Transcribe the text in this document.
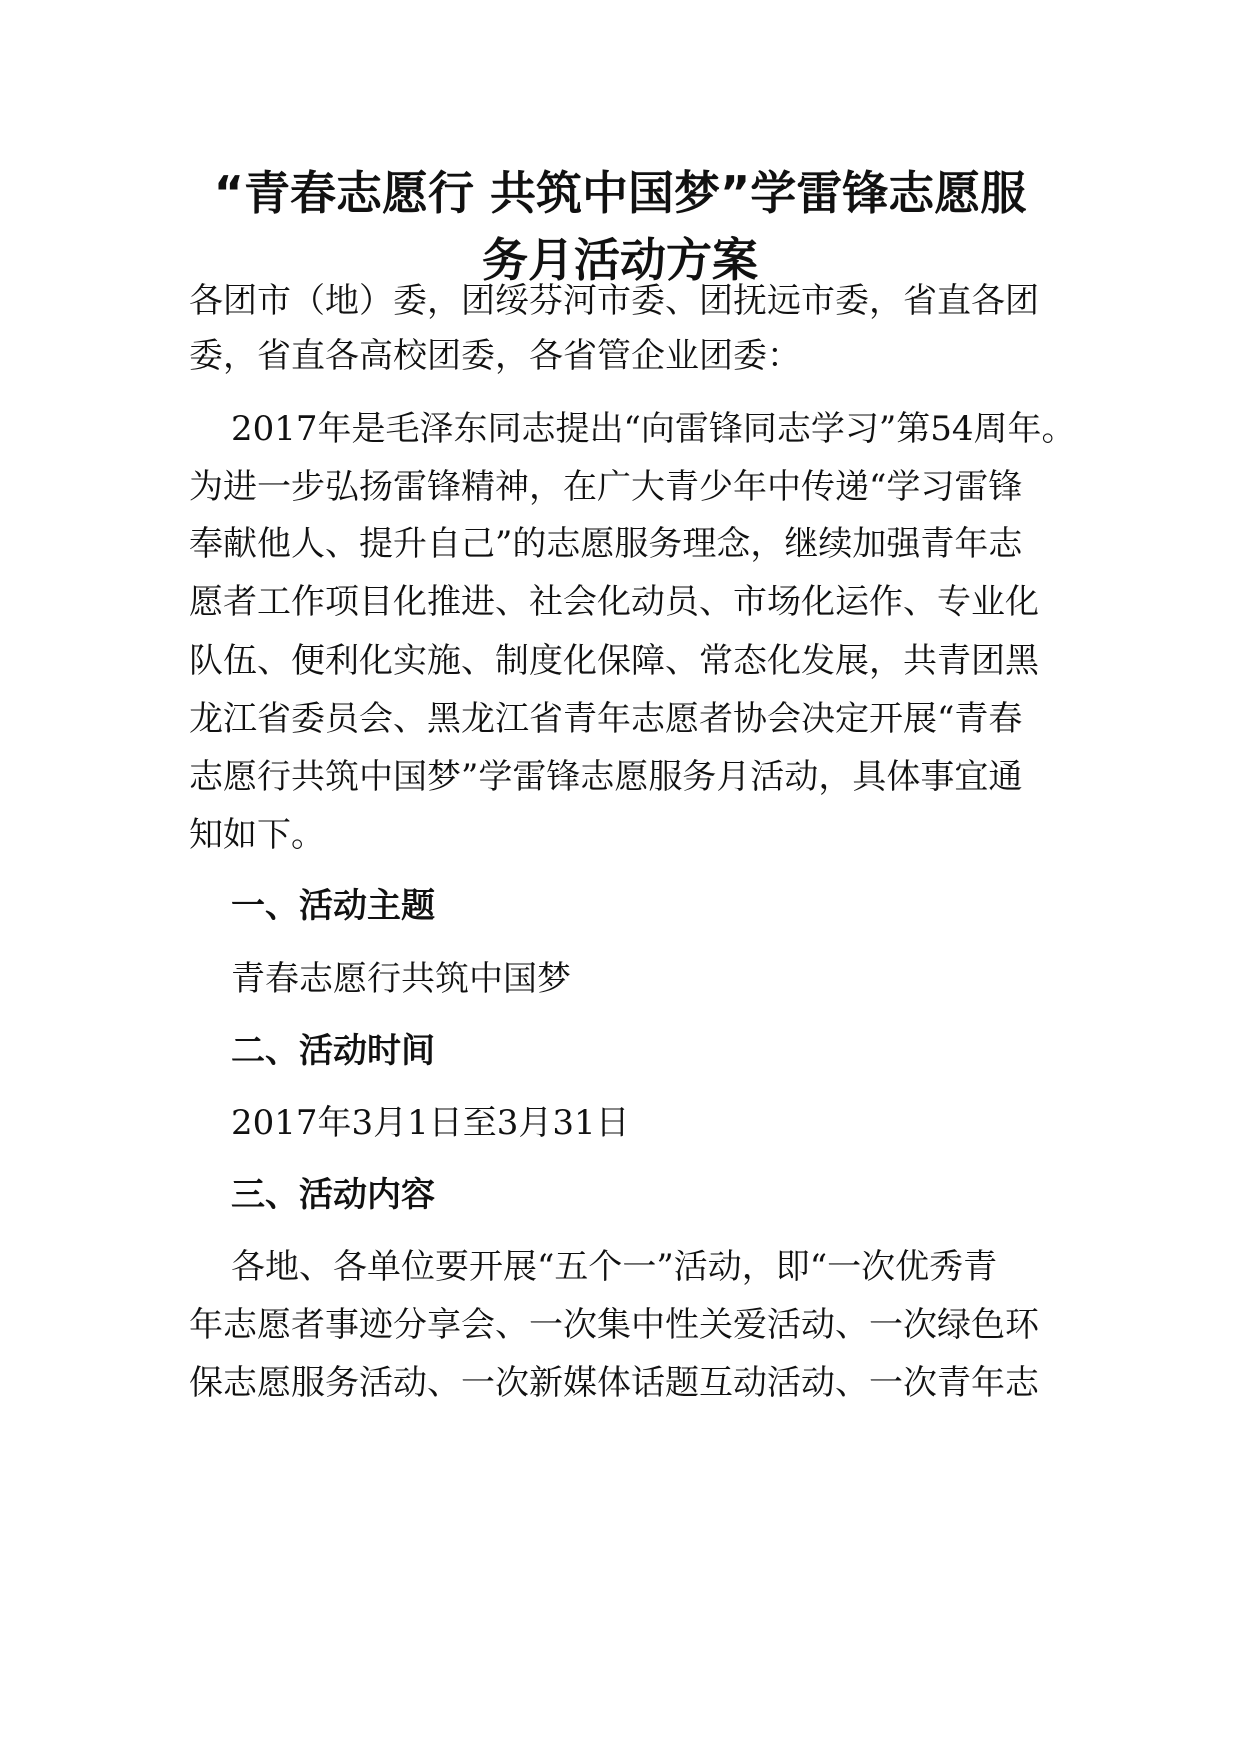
“青春志愿行 共筑中国梦”学雷锋志愿服
务月活动方案

各团市（地）委，团绥芬河市委、团抚远市委，省直各团

委，省直各高校团委，各省管企业团委：

2017年是毛泽东同志提出“向雷锋同志学习”第54周年。

为进一步弘扬雷锋精神，在广大青少年中传递“学习雷锋

奉献他人、提升自己”的志愿服务理念，继续加强青年志

愿者工作项目化推进、社会化动员、市场化运作、专业化

队伍、便利化实施、制度化保障、常态化发展，共青团黑

龙江省委员会、黑龙江省青年志愿者协会决定开展“青春

志愿行共筑中国梦”学雷锋志愿服务月活动，具体事宜通

知如下。

一、活动主题

青春志愿行共筑中国梦

二、活动时间

2017年3月1日至3月31日

三、活动内容

各地、各单位要开展“五个一”活动，即“一次优秀青

年志愿者事迹分享会、一次集中性关爱活动、一次绿色环

保志愿服务活动、一次新媒体话题互动活动、一次青年志
